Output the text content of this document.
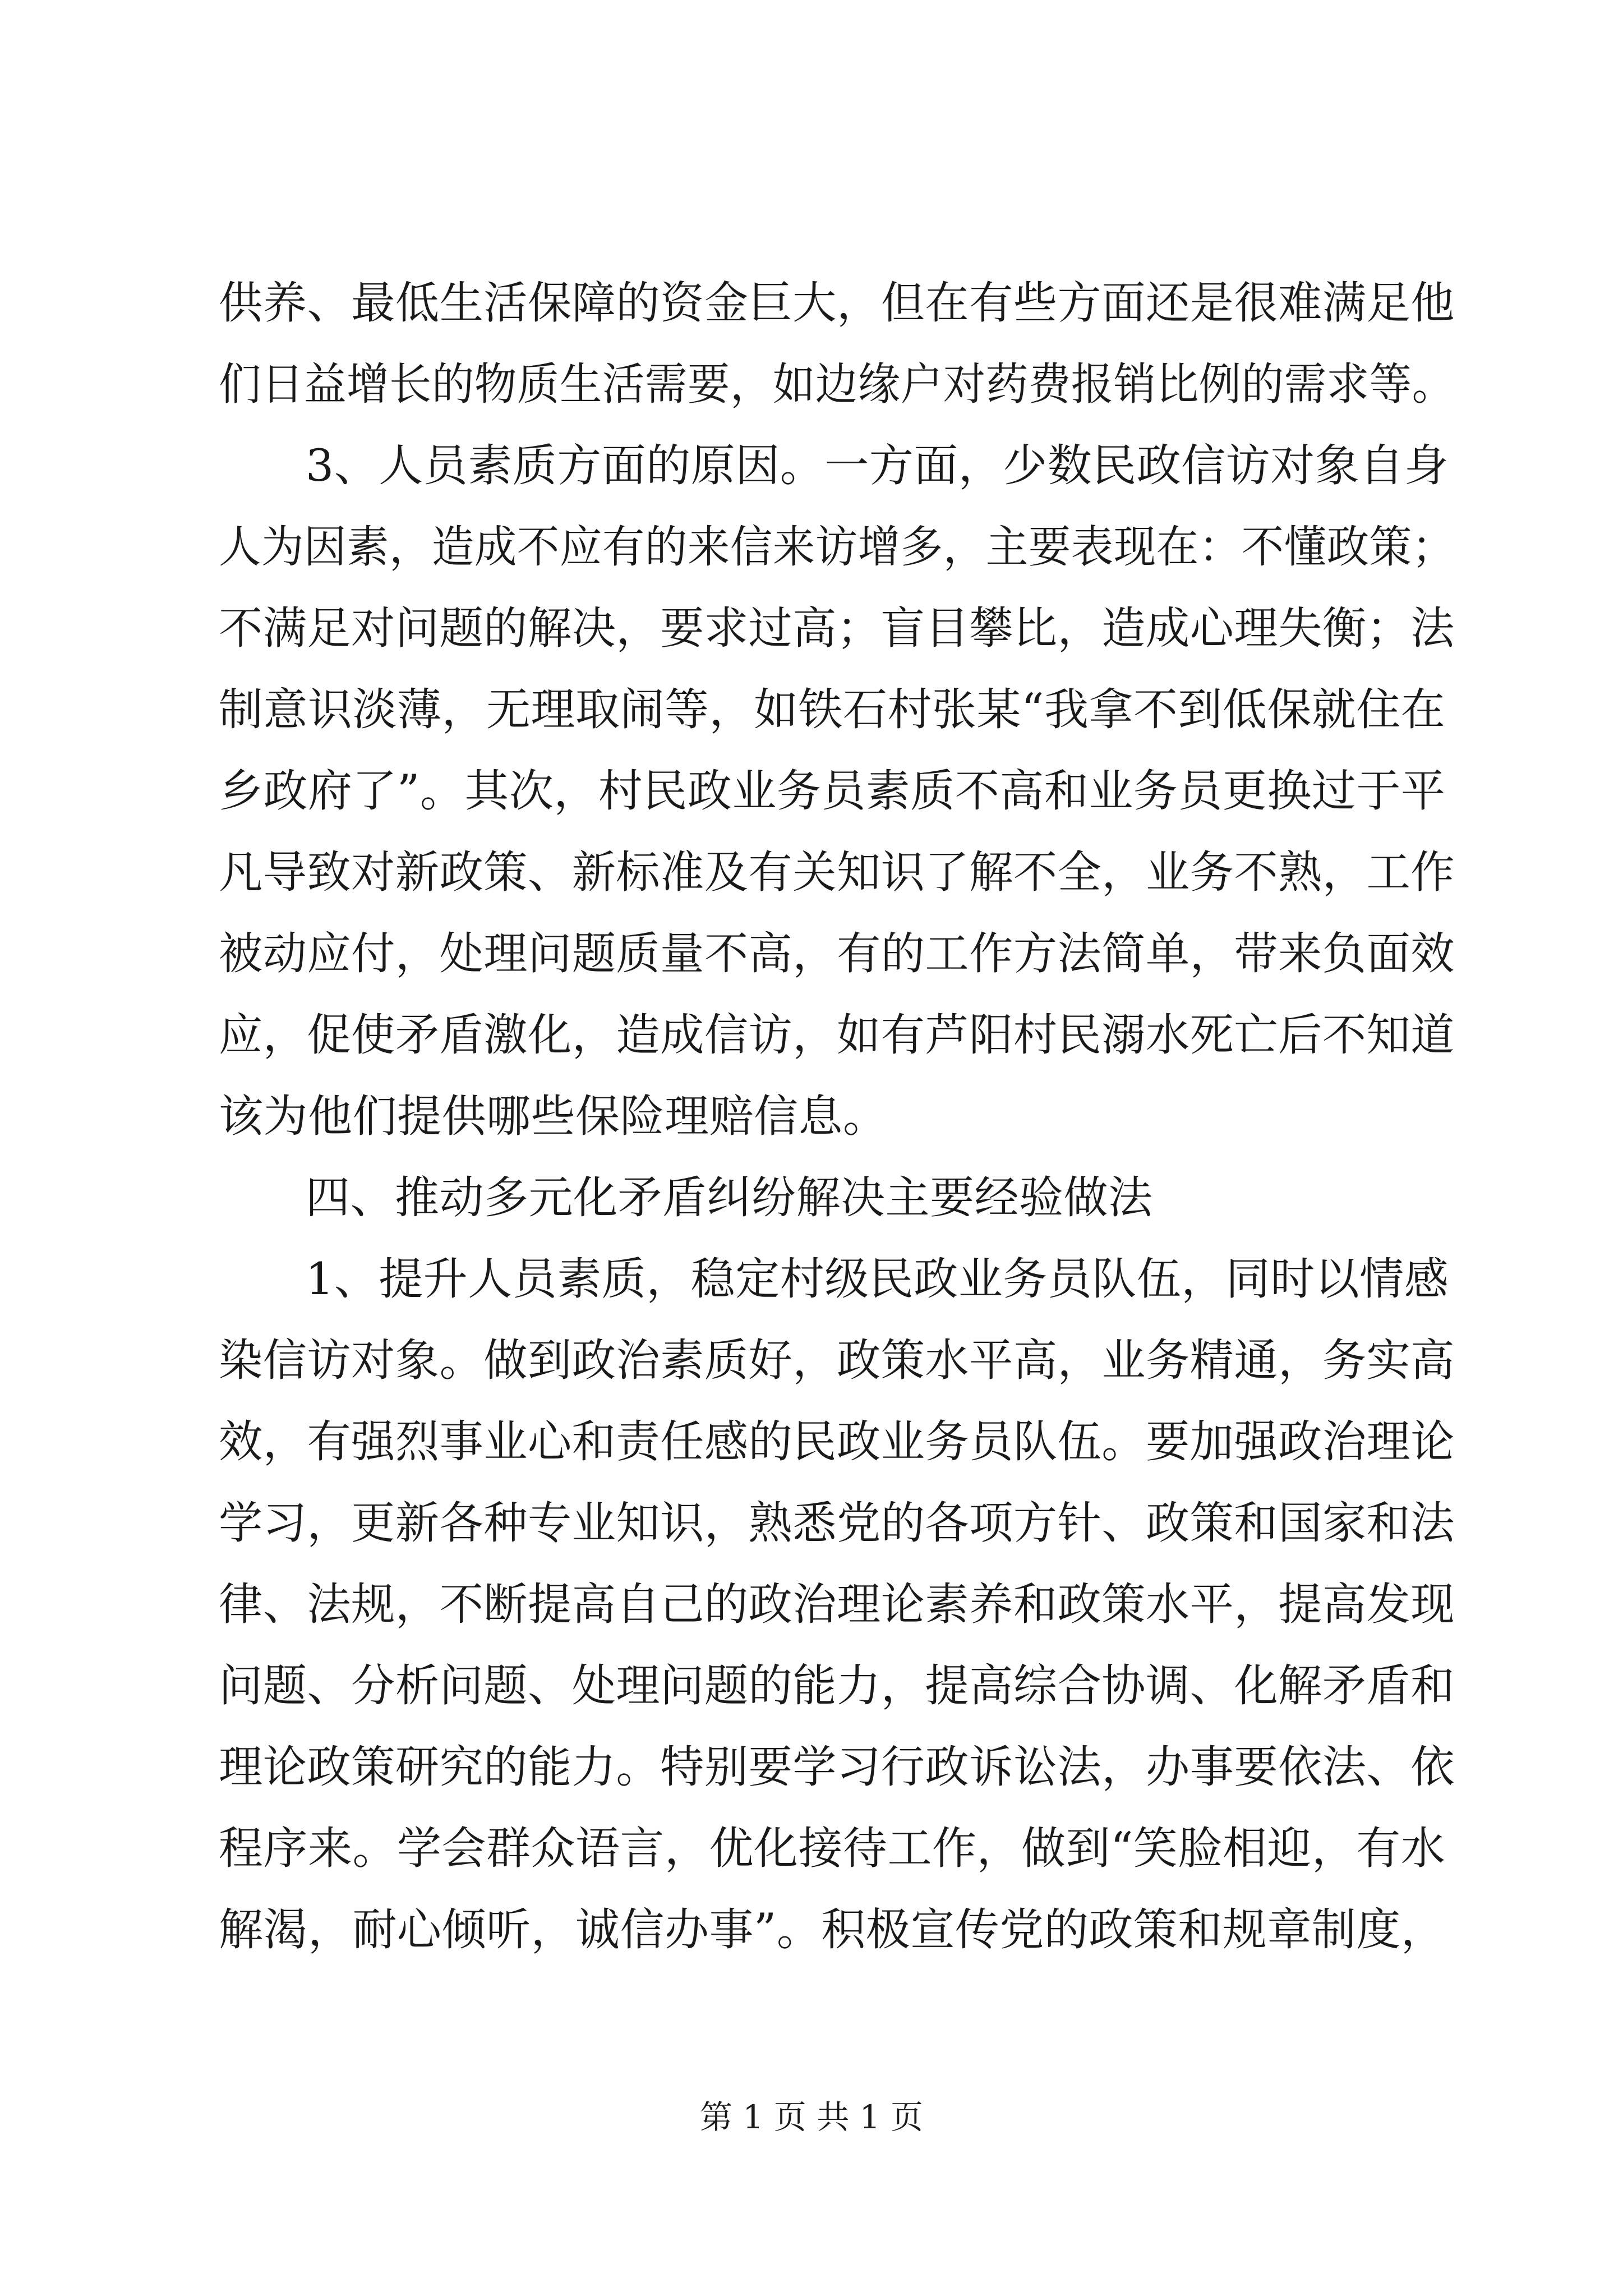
供养、最低生活保障的资金巨大，但在有些方面还是很难满足他
们日益增长的物质生活需要，如边缘户对药费报销比例的需求等。
3、人员素质方面的原因。一方面，少数民政信访对象自身
人为因素，造成不应有的来信来访增多，主要表现在：不懂政策；
不满足对问题的解决，要求过高；盲目攀比，造成心理失衡；法
制意识淡薄，无理取闹等，如铁石村张某“我拿不到低保就住在
乡政府了”。其次，村民政业务员素质不高和业务员更换过于平
凡导致对新政策、新标准及有关知识了解不全，业务不熟，工作
被动应付，处理问题质量不高，有的工作方法简单，带来负面效
应，促使矛盾激化，造成信访，如有芦阳村民溺水死亡后不知道
该为他们提供哪些保险理赔信息。
四、推动多元化矛盾纠纷解决主要经验做法
1、提升人员素质，稳定村级民政业务员队伍，同时以情感
染信访对象。做到政治素质好，政策水平高，业务精通，务实高
效，有强烈事业心和责任感的民政业务员队伍。要加强政治理论
学习，更新各种专业知识，熟悉党的各项方针、政策和国家和法
律、法规，不断提高自己的政治理论素养和政策水平，提高发现
问题、分析问题、处理问题的能力，提高综合协调、化解矛盾和
理论政策研究的能力。特别要学习行政诉讼法，办事要依法、依
程序来。学会群众语言，优化接待工作，做到“笑脸相迎，有水
解渴，耐心倾听，诚信办事”。积极宣传党的政策和规章制度，
第 1 页 共 1 页
